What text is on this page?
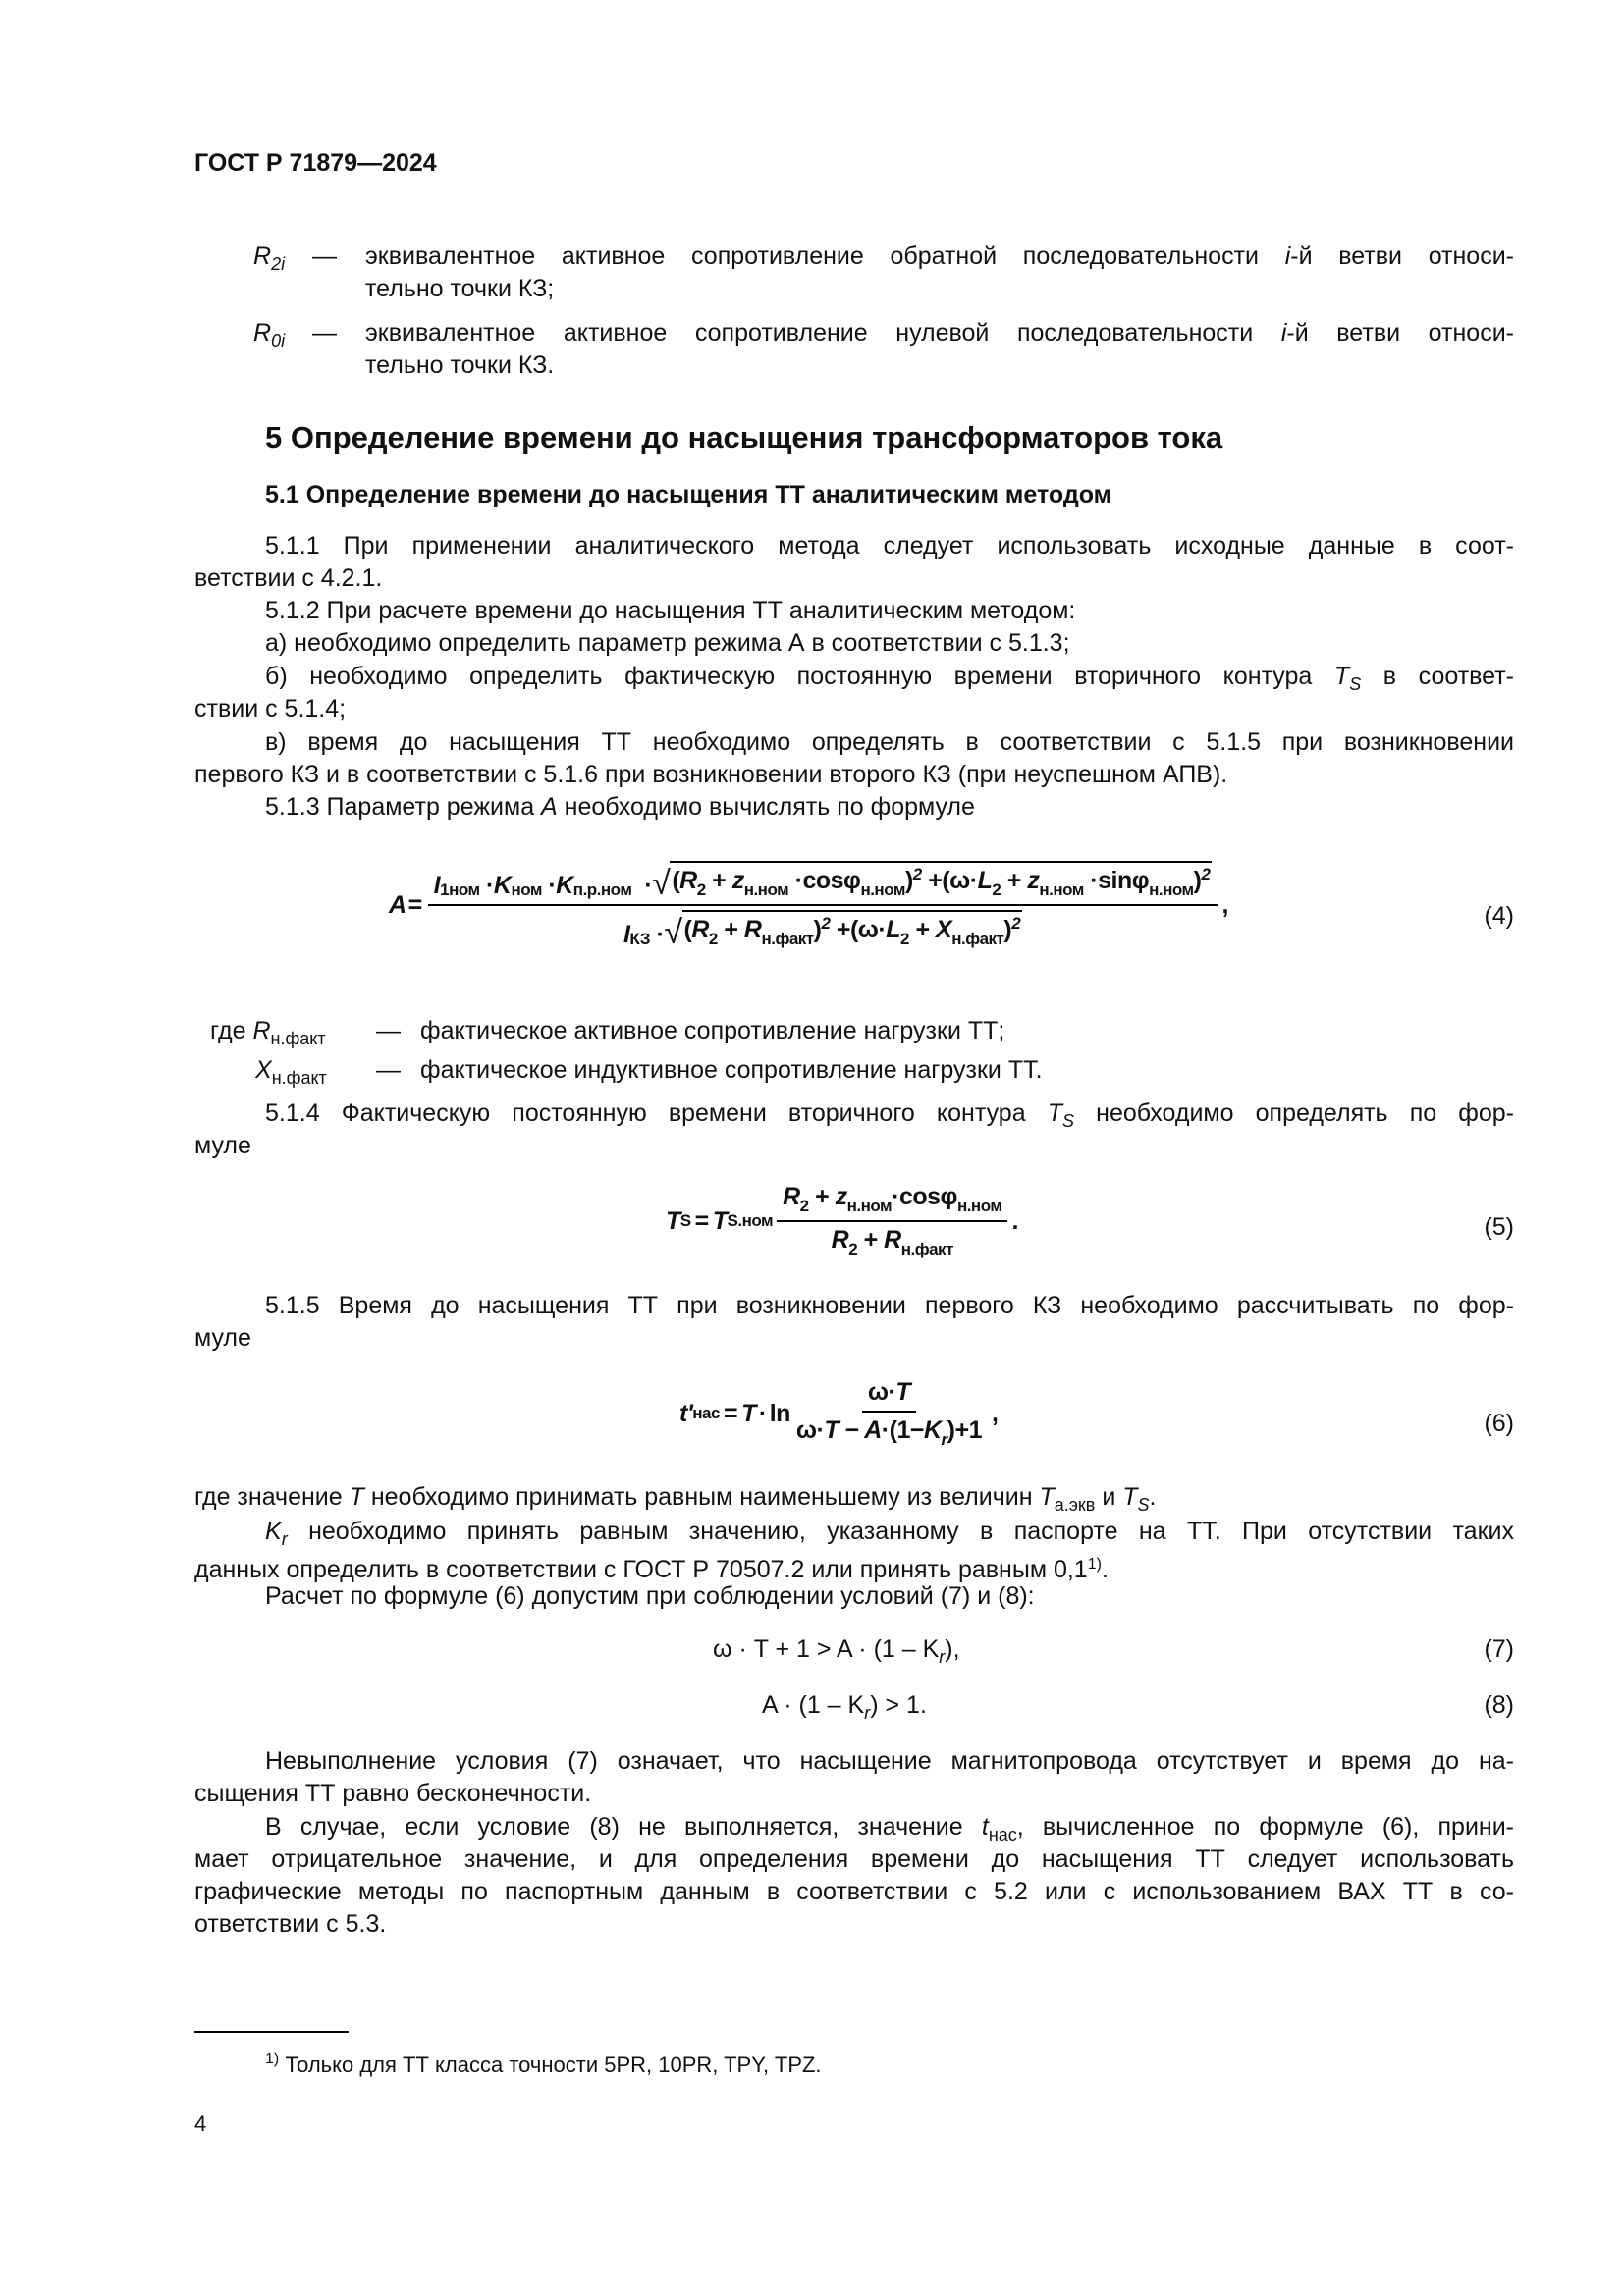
ГОСТ Р 71879—2024
$R_{2i}$ — эквивалентное активное сопротивление обратной последовательности i-й ветви относи-
тельно точки КЗ;
$R_{0i}$ — эквивалентное активное сопротивление нулевой последовательности i-й ветви относи-
тельно точки КЗ.
5 Определение времени до насыщения трансформаторов тока
5.1 Определение времени до насыщения ТТ аналитическим методом
5.1.1 При применении аналитического метода следует использовать исходные данные в соот-
ветствии с 4.2.1.
5.1.2 При расчете времени до насыщения ТТ аналитическим методом:
а) необходимо определить параметр режима А в соответствии с 5.1.3;
б) необходимо определить фактическую постоянную времени вторичного контура $T_S$ в соответ-
ствии с 5.1.4;
в) время до насыщения ТТ необходимо определять в соответствии с 5.1.5 при возникновении
первого КЗ и в соответствии с 5.1.6 при возникновении второго КЗ (при неуспешном АПВ).
5.1.3 Параметр режима A необходимо вычислять по формуле
A =
I 1ном
· K ном
· K п.р.ном
· √ $(R_2 + z_{н.ном} \cdot\cos\varphi_{н.ном})^2 +(\omega\cdot L_2 + z_{н.ном} \cdot\sin\varphi_{н.ном})^2$
I КЗ
· √ $(R_2 + R_{н.факт})^2 +(\omega\cdot L_2 + X_{н.факт})^2$
,	(4)
где $R_{н.факт}$ — фактическое активное сопротивление нагрузки ТТ;
$X_{н.факт}$ — фактическое индуктивное сопротивление нагрузки ТТ.
5.1.4 Фактическую постоянную времени вторичного контура $T_S$ необходимо определять по фор-
муле
T S = T $S.ном \frac{R_2 + z_{н.ном}\cdot\cos\varphi_{н.ном}}{R_2 + R_{н.факт}}$ .	(5)
5.1.5 Время до насыщения ТТ при возникновении первого КЗ необходимо рассчитывать по фор-
муле
t' нас = $T \cdot \ln \frac{\omega\cdot T}{\omega\cdot T - A\cdot(1-K_r)+1}$ ,	(6)
где значение T необходимо принимать равным наименьшему из величин $T_{а.экв}$ и $T_S$.
$K_r$ необходимо принять равным значению, указанному в паспорте на ТТ. При отсутствии таких
данных определить в соответствии с ГОСТ Р 70507.2 или принять равным 0,1$^{1)}$.
Расчет по формуле (6) допустим при соблюдении условий (7) и (8):
$\omega \cdot T + 1 > A \cdot (1 - K_r)$,	(7)
$A \cdot (1 - K_r) > 1$.	(8)
Невыполнение условия (7) означает, что насыщение магнитопровода отсутствует и время до на-
сыщения ТТ равно бесконечности.
В случае, если условие (8) не выполняется, значение $t_{нас}$, вычисленное по формуле (6), прини-
мает отрицательное значение, и для определения времени до насыщения ТТ следует использовать
графические методы по паспортным данным в соответствии с 5.2 или с использованием ВАХ ТТ в со-
ответствии с 5.3.
$^{1)}$ Только для ТТ класса точности 5PR, 10PR, TPY, TPZ.
4
